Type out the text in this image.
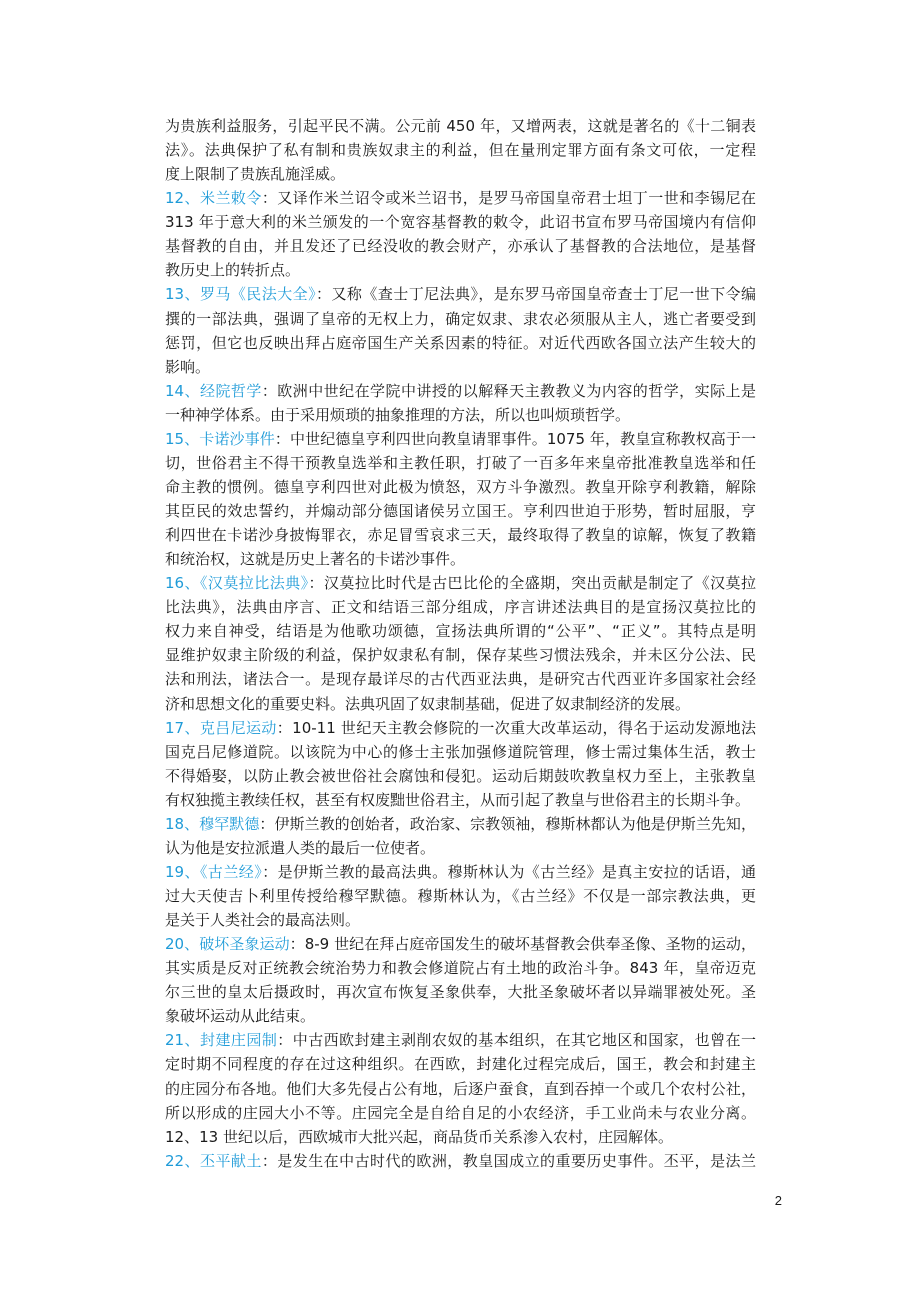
为贵族利益服务，引起平民不满。公元前 450 年，又增两表，这就是著名的《十二铜表
法》。法典保护了私有制和贵族奴隶主的利益，但在量刑定罪方面有条文可依，一定程
度上限制了贵族乱施淫威。
12、米兰敕令：又译作米兰诏令或米兰诏书，是罗马帝国皇帝君士坦丁一世和李锡尼在
313 年于意大利的米兰颁发的一个宽容基督教的敕令，此诏书宣布罗马帝国境内有信仰
基督教的自由，并且发还了已经没收的教会财产，亦承认了基督教的合法地位，是基督
教历史上的转折点。
13、罗马《民法大全》：又称《查士丁尼法典》，是东罗马帝国皇帝查士丁尼一世下令编
撰的一部法典，强调了皇帝的无权上力，确定奴隶、隶农必须服从主人，逃亡者要受到
惩罚，但它也反映出拜占庭帝国生产关系因素的特征。对近代西欧各国立法产生较大的
影响。
14、经院哲学：欧洲中世纪在学院中讲授的以解释天主教教义为内容的哲学，实际上是
一种神学体系。由于采用烦琐的抽象推理的方法，所以也叫烦琐哲学。
15、卡诺沙事件：中世纪德皇亨利四世向教皇请罪事件。1075 年，教皇宣称教权高于一
切，世俗君主不得干预教皇选举和主教任职，打破了一百多年来皇帝批准教皇选举和任
命主教的惯例。德皇亨利四世对此极为愤怒，双方斗争激烈。教皇开除亨利教籍，解除
其臣民的效忠誓约，并煽动部分德国诸侯另立国王。亨利四世迫于形势，暂时屈服，亨
利四世在卡诺沙身披悔罪衣，赤足冒雪哀求三天，最终取得了教皇的谅解，恢复了教籍
和统治权，这就是历史上著名的卡诺沙事件。
16、《汉莫拉比法典》：汉莫拉比时代是古巴比伦的全盛期，突出贡献是制定了《汉莫拉
比法典》，法典由序言、正文和结语三部分组成，序言讲述法典目的是宣扬汉莫拉比的
权力来自神受，结语是为他歌功颂德，宣扬法典所谓的“公平”、“正义”。其特点是明
显维护奴隶主阶级的利益，保护奴隶私有制，保存某些习惯法残余，并未区分公法、民
法和刑法，诸法合一。是现存最详尽的古代西亚法典，是研究古代西亚许多国家社会经
济和思想文化的重要史料。法典巩固了奴隶制基础，促进了奴隶制经济的发展。
17、克吕尼运动：10-11 世纪天主教会修院的一次重大改革运动，得名于运动发源地法
国克吕尼修道院。以该院为中心的修士主张加强修道院管理，修士需过集体生活，教士
不得婚娶，以防止教会被世俗社会腐蚀和侵犯。运动后期鼓吹教皇权力至上，主张教皇
有权独揽主教续任权，甚至有权废黜世俗君主，从而引起了教皇与世俗君主的长期斗争。
18、穆罕默德：伊斯兰教的创始者，政治家、宗教领袖，穆斯林都认为他是伊斯兰先知，
认为他是安拉派遣人类的最后一位使者。
19、《古兰经》：是伊斯兰教的最高法典。穆斯林认为《古兰经》是真主安拉的话语，通
过大天使吉卜利里传授给穆罕默德。穆斯林认为，《古兰经》不仅是一部宗教法典，更
是关于人类社会的最高法则。
20、破坏圣象运动：8-9 世纪在拜占庭帝国发生的破坏基督教会供奉圣像、圣物的运动，
其实质是反对正统教会统治势力和教会修道院占有土地的政治斗争。843 年，皇帝迈克
尔三世的皇太后摄政时，再次宣布恢复圣象供奉，大批圣象破坏者以异端罪被处死。圣
象破坏运动从此结束。
21、封建庄园制：中古西欧封建主剥削农奴的基本组织，在其它地区和国家，也曾在一
定时期不同程度的存在过这种组织。在西欧，封建化过程完成后，国王，教会和封建主
的庄园分布各地。他们大多先侵占公有地，后逐户蚕食，直到吞掉一个或几个农村公社，
所以形成的庄园大小不等。庄园完全是自给自足的小农经济，手工业尚未与农业分离。
12、13 世纪以后，西欧城市大批兴起，商品货币关系渗入农村，庄园解体。
22、丕平献土：是发生在中古时代的欧洲，教皇国成立的重要历史事件。丕平，是法兰
2
